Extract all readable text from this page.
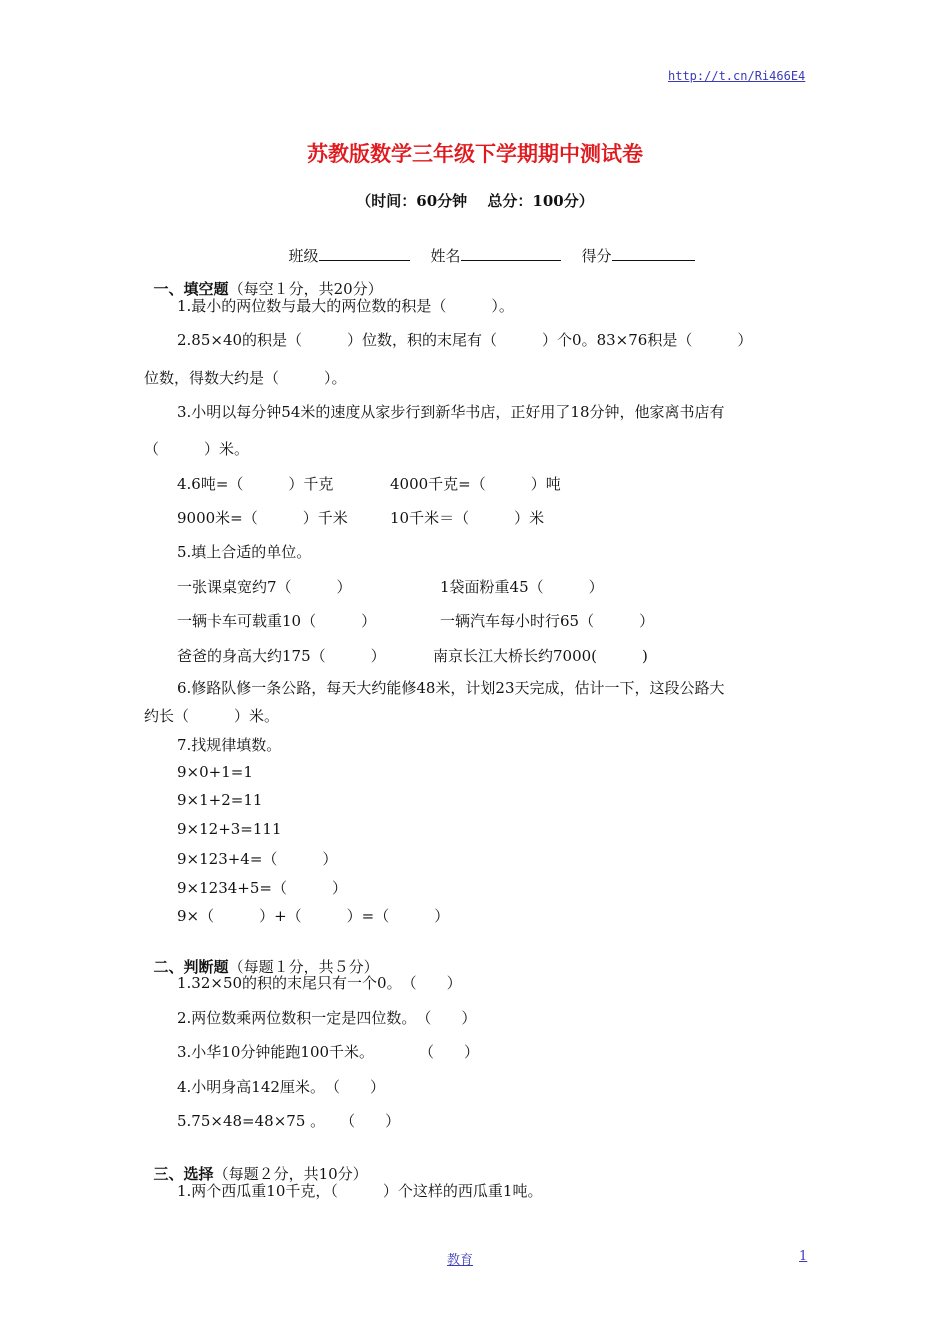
http://t.cn/Ri466E4
苏教版数学三年级下学期期中测试卷
（时间：60分钟　 总分：100分）

班级	姓名	得分

一、填空题（每空１分，共20分）

1.最小的两位数与最大的两位数的积是（　　　）。
2.85×40的积是（　　　）位数，积的末尾有（　　　）个0。83×76积是（　　　）
位数，得数大约是（　　　）。
3.小明以每分钟54米的速度从家步行到新华书店，正好用了18分钟，他家离书店有
（　　　）米。
4.6吨=（　　　）千克	4000千克=（　　　）吨
9000米=（　　　）千米	10千米＝（　　　）米
5.填上合适的单位。
一张课桌宽约7（　　　）	1袋面粉重45（　　　）
一辆卡车可载重10（　　　）	一辆汽车每小时行65（　　　）
爸爸的身高大约175（　　　）	南京长江大桥长约7000(　　　)
6.修路队修一条公路，每天大约能修48米，计划23天完成，估计一下，这段公路大
约长（　　　）米。
7.找规律填数。
9×0+1=1
9×1+2=11
9×12+3=111
9×123+4=（　　　）
9×1234+5=（　　　）
9×（　　　）+（　　　）=（　　　）

二、判断题（每题１分，共５分）

1.32×50的积的末尾只有一个0。　（　　）
2.两位数乘两位数积一定是四位数。　（　　）
3.小华10分钟能跑100千米。　　　　（　　）
4.小明身高142厘米。　（　　）
5.75×48=48×75 。　　（　　）

三、选择（每题２分，共10分）

1.两个西瓜重10千克，（　　　）个这样的西瓜重1吨。
教育	1
